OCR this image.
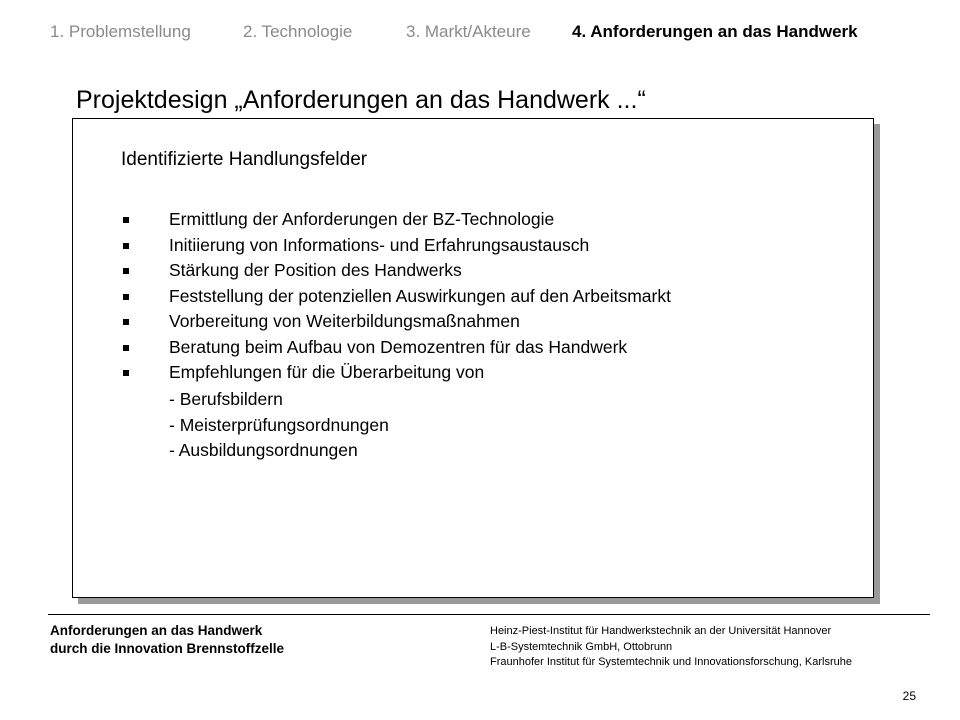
1. Problemstellung	2. Technologie	3. Markt/Akteure 4. Anforderungen an das Handwerk
Projektdesign „Anforderungen an das Handwerk ...“
Identifizierte Handlungsfelder
Ermittlung der Anforderungen der BZ-Technologie
Initiierung von Informations- und Erfahrungsaustausch
Stärkung der Position des Handwerks
Feststellung der potenziellen Auswirkungen auf den Arbeitsmarkt
Vorbereitung von Weiterbildungsmaßnahmen
Beratung beim Aufbau von Demozentren für das Handwerk
Empfehlungen für die Überarbeitung von
- Berufsbildern
- Meisterprüfungsordnungen
- Ausbildungsordnungen
Anforderungen an das Handwerk
durch die Innovation Brennstoffzelle
Heinz-Piest-Institut für Handwerkstechnik an der Universität Hannover
L-B-Systemtechnik GmbH, Ottobrunn
Fraunhofer Institut für Systemtechnik und Innovationsforschung, Karlsruhe
25
